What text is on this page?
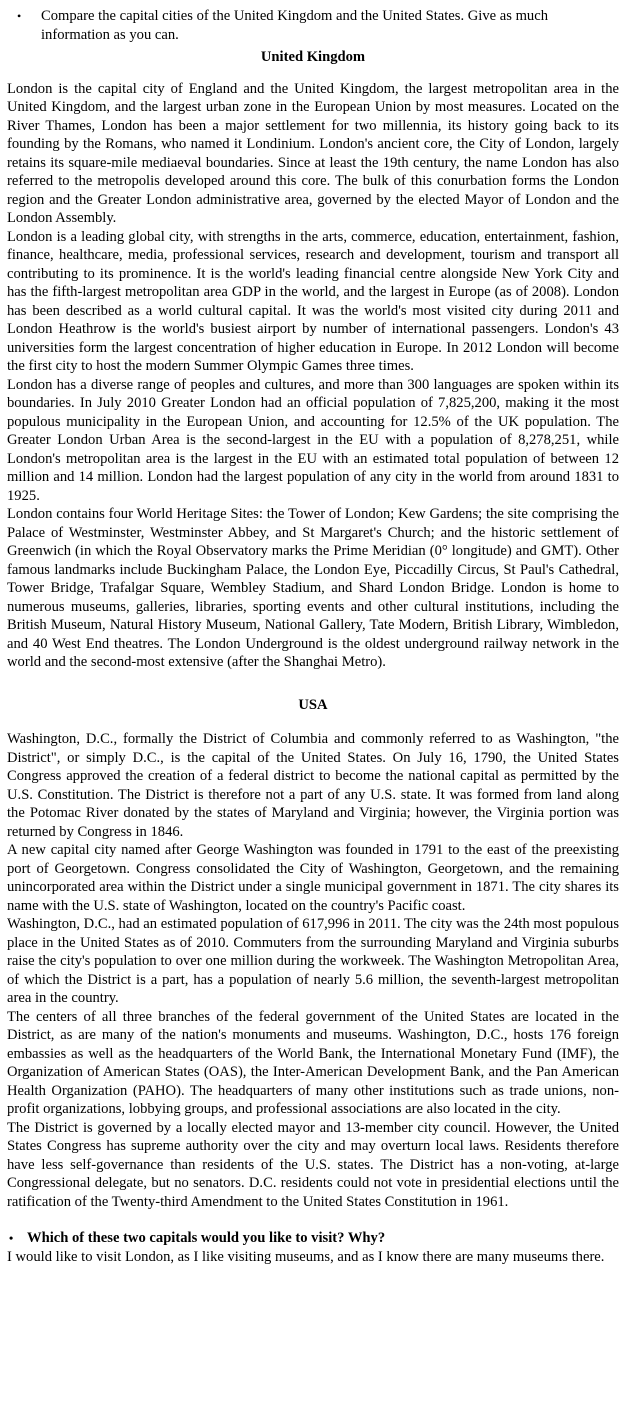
• Compare the capital cities of the United Kingdom and the United States. Give as much information as you can.
United Kingdom

London is the capital city of England and the United Kingdom, the largest metropolitan area in the United Kingdom, and the largest urban zone in the European Union by most measures. Located on the River Thames, London has been a major settlement for two millennia, its history going back to its founding by the Romans, who named it Londinium. London's ancient core, the City of London, largely retains its square-mile mediaeval boundaries. Since at least the 19th century, the name London has also referred to the metropolis developed around this core. The bulk of this conurbation forms the London region and the Greater London administrative area, governed by the elected Mayor of London and the London Assembly.

London is a leading global city, with strengths in the arts, commerce, education, entertainment, fashion, finance, healthcare, media, professional services, research and development, tourism and transport all contributing to its prominence. It is the world's leading financial centre alongside New York City and has the fifth-largest metropolitan area GDP in the world, and the largest in Europe (as of 2008). London has been described as a world cultural capital. It was the world's most visited city during 2011 and London Heathrow is the world's busiest airport by number of international passengers. London's 43 universities form the largest concentration of higher education in Europe. In 2012 London will become the first city to host the modern Summer Olympic Games three times.

London has a diverse range of peoples and cultures, and more than 300 languages are spoken within its boundaries. In July 2010 Greater London had an official population of 7,825,200, making it the most populous municipality in the European Union, and accounting for 12.5% of the UK population. The Greater London Urban Area is the second-largest in the EU with a population of 8,278,251, while London's metropolitan area is the largest in the EU with an estimated total population of between 12 million and 14 million. London had the largest population of any city in the world from around 1831 to 1925.

London contains four World Heritage Sites: the Tower of London; Kew Gardens; the site comprising the Palace of Westminster, Westminster Abbey, and St Margaret's Church; and the historic settlement of Greenwich (in which the Royal Observatory marks the Prime Meridian (0° longitude) and GMT). Other famous landmarks include Buckingham Palace, the London Eye, Piccadilly Circus, St Paul's Cathedral, Tower Bridge, Trafalgar Square, Wembley Stadium, and Shard London Bridge. London is home to numerous museums, galleries, libraries, sporting events and other cultural institutions, including the British Museum, Natural History Museum, National Gallery, Tate Modern, British Library, Wimbledon, and 40 West End theatres. The London Underground is the oldest underground railway network in the world and the second-most extensive (after the Shanghai Metro).

USA

Washington, D.C., formally the District of Columbia and commonly referred to as Washington, "the District", or simply D.C., is the capital of the United States. On July 16, 1790, the United States Congress approved the creation of a federal district to become the national capital as permitted by the U.S. Constitution. The District is therefore not a part of any U.S. state. It was formed from land along the Potomac River donated by the states of Maryland and Virginia; however, the Virginia portion was returned by Congress in 1846.

A new capital city named after George Washington was founded in 1791 to the east of the preexisting port of Georgetown. Congress consolidated the City of Washington, Georgetown, and the remaining unincorporated area within the District under a single municipal government in 1871. The city shares its name with the U.S. state of Washington, located on the country's Pacific coast.

Washington, D.C., had an estimated population of 617,996 in 2011. The city was the 24th most populous place in the United States as of 2010. Commuters from the surrounding Maryland and Virginia suburbs raise the city's population to over one million during the workweek. The Washington Metropolitan Area, of which the District is a part, has a population of nearly 5.6 million, the seventh-largest metropolitan area in the country.

The centers of all three branches of the federal government of the United States are located in the District, as are many of the nation's monuments and museums. Washington, D.C., hosts 176 foreign embassies as well as the headquarters of the World Bank, the International Monetary Fund (IMF), the Organization of American States (OAS), the Inter-American Development Bank, and the Pan American Health Organization (PAHO). The headquarters of many other institutions such as trade unions, non-profit organizations, lobbying groups, and professional associations are also located in the city.

The District is governed by a locally elected mayor and 13-member city council. However, the United States Congress has supreme authority over the city and may overturn local laws. Residents therefore have less self-governance than residents of the U.S. states. The District has a non-voting, at-large Congressional delegate, but no senators. D.C. residents could not vote in presidential elections until the ratification of the Twenty-third Amendment to the United States Constitution in 1961.

• Which of these two capitals would you like to visit? Why?

I would like to visit London, as I like visiting museums, and as I know there are many museums there.
